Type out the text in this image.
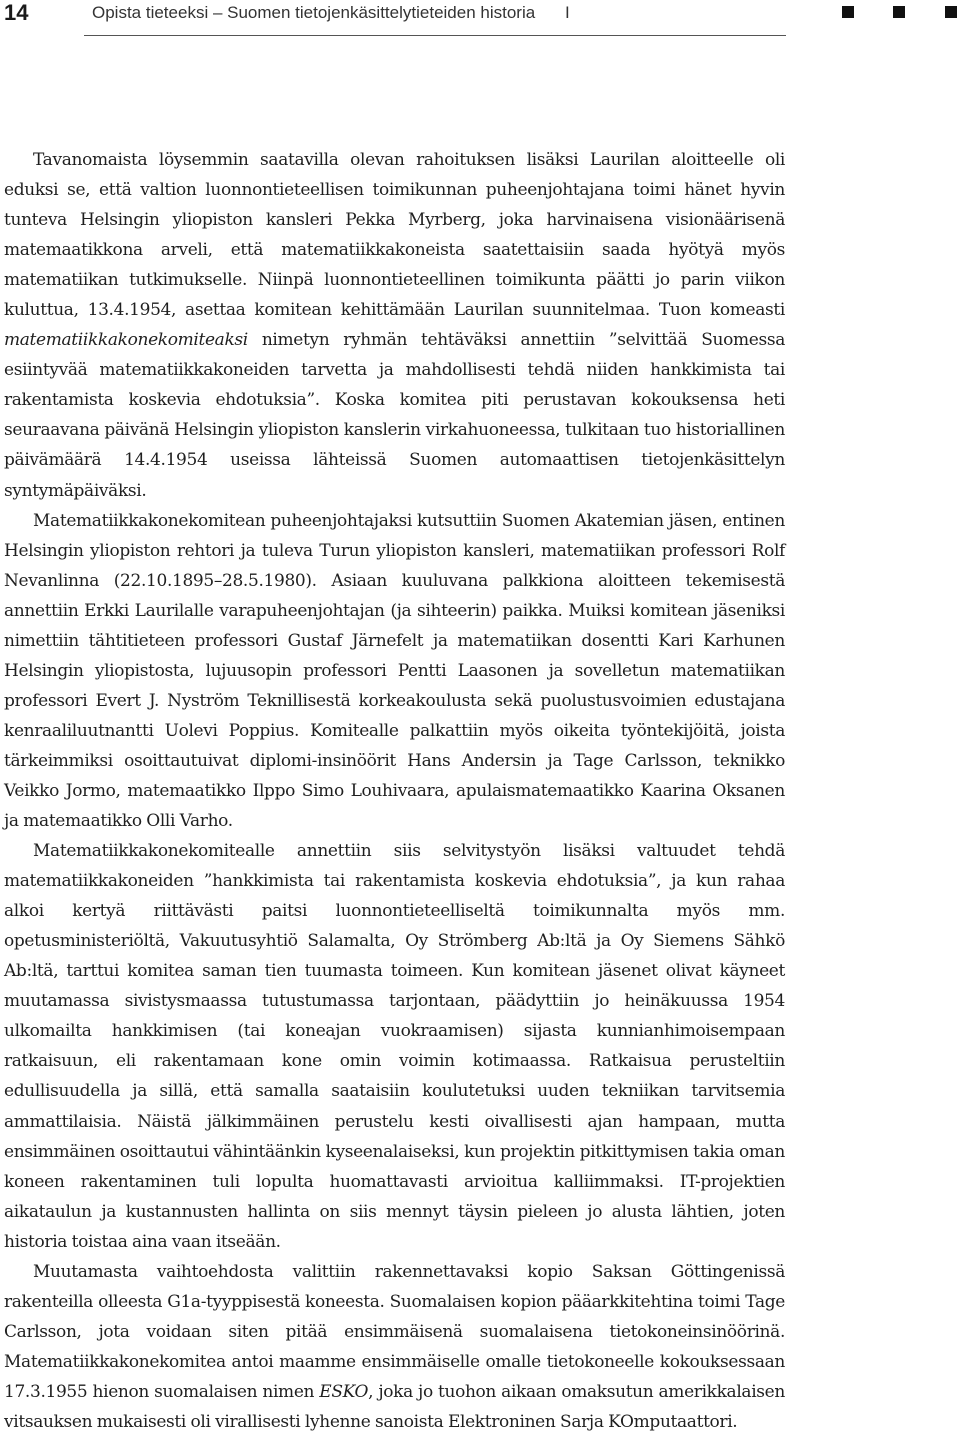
14	Opista tieteeksi – Suomen tietojenkäsittelytieteiden historia I

Tavanomaista löysemmin saatavilla olevan rahoituksen lisäksi Laurilan aloitteelle oli eduksi se, että valtion luonnontieteellisen toimikunnan puheenjohtajana toimi hänet hyvin tunteva Helsingin yliopiston kansleri Pekka Myrberg, joka harvinaisena visionäärisenä matemaatikkona arveli, että matematiikkakoneista saatettaisiin saada hyötyä myös matematiikan tutkimukselle. Niinpä luonnontieteellinen toimikunta päätti jo parin viikon kuluttua, 13.4.1954, asettaa komitean kehittämään Laurilan suunnitelmaa. Tuon komeasti matematiikkakonekomiteaksi nimetyn ryhmän tehtäväksi annettiin ”selvittää Suomessa esiintyvää matematiikkakoneiden tarvetta ja mahdollisesti tehdä niiden hankkimista tai rakentamista koskevia ehdotuksia”. Koska komitea piti perustavan kokouksensa heti seuraavana päivänä Helsingin yliopiston kanslerin virkahuoneessa, tulkitaan tuo historiallinen päivämäärä 14.4.1954 useissa lähteissä Suomen automaattisen tietojenkäsittelyn syntymäpäiväksi.

Matematiikkakonekomitean puheenjohtajaksi kutsuttiin Suomen Akatemian jäsen, entinen Helsingin yliopiston rehtori ja tuleva Turun yliopiston kansleri, matematiikan professori Rolf Nevanlinna (22.10.1895–28.5.1980). Asiaan kuuluvana palkkiona aloitteen tekemisestä annettiin Erkki Laurilalle varapuheenjohtajan (ja sihteerin) paikka. Muiksi komitean jäseniksi nimettiin tähtitieteen professori Gustaf Järnefelt ja matematiikan dosentti Kari Karhunen Helsingin yliopistosta, lujuusopin professori Pentti Laasonen ja sovelletun matematiikan professori Evert J. Nyström Teknillisestä korkeakoulusta sekä puolustusvoimien edustajana kenraaliluutnantti Uolevi Poppius. Komitealle palkattiin myös oikeita työntekijöitä, joista tärkeimmiksi osoittautuivat diplomi-insinöörit Hans Andersin ja Tage Carlsson, teknikko Veikko Jormo, matemaatikko Ilppo Simo Louhivaara, apulaismatemaatikko Kaarina Oksanen ja matemaatikko Olli Varho.

Matematiikkakonekomitealle annettiin siis selvitystyön lisäksi valtuudet tehdä matematiikkakoneiden ”hankkimista tai rakentamista koskevia ehdotuksia”, ja kun rahaa alkoi kertyä riittävästi paitsi luonnontieteelliseltä toimikunnalta myös mm. opetusministeriöltä, Vakuutusyhtiö Salamalta, Oy Strömberg Ab:ltä ja Oy Siemens Sähkö Ab:ltä, tarttui komitea saman tien tuumasta toimeen. Kun komitean jäsenet olivat käyneet muutamassa sivistysmaassa tutustumassa tarjontaan, päädyttiin jo heinäkuussa 1954 ulkomailta hankkimisen (tai koneajan vuokraamisen) sijasta kunnianhimoisempaan ratkaisuun, eli rakentamaan kone omin voimin kotimaassa. Ratkaisua perusteltiin edullisuudella ja sillä, että samalla saataisiin koulutetuksi uuden tekniikan tarvitsemia ammattilaisia. Näistä jälkimmäinen perustelu kesti oivallisesti ajan hampaan, mutta ensimmäinen osoittautui vähintäänkin kyseenalaiseksi, kun projektin pitkittymisen takia oman koneen rakentaminen tuli lopulta huomattavasti arvioitua kalliimmaksi. IT-projektien aikataulun ja kustannusten hallinta on siis mennyt täysin pieleen jo alusta lähtien, joten historia toistaa aina vaan itseään.

Muutamasta vaihtoehdosta valittiin rakennettavaksi kopio Saksan Göttingenissä rakenteilla olleesta G1a-tyyppisestä koneesta. Suomalaisen kopion pääarkkitehtina toimi Tage Carlsson, jota voidaan siten pitää ensimmäisenä suomalaisena tietokoneinsinöörinä. Matematiikkakonekomitea antoi maamme ensimmäiselle omalle tietokoneelle kokouksessaan 17.3.1955 hienon suomalaisen nimen ESKO, joka jo tuohon aikaan omaksutun amerikkalaisen vitsauksen mukaisesti oli virallisesti lyhenne sanoista Elektroninen Sarja KOmputaattori.
